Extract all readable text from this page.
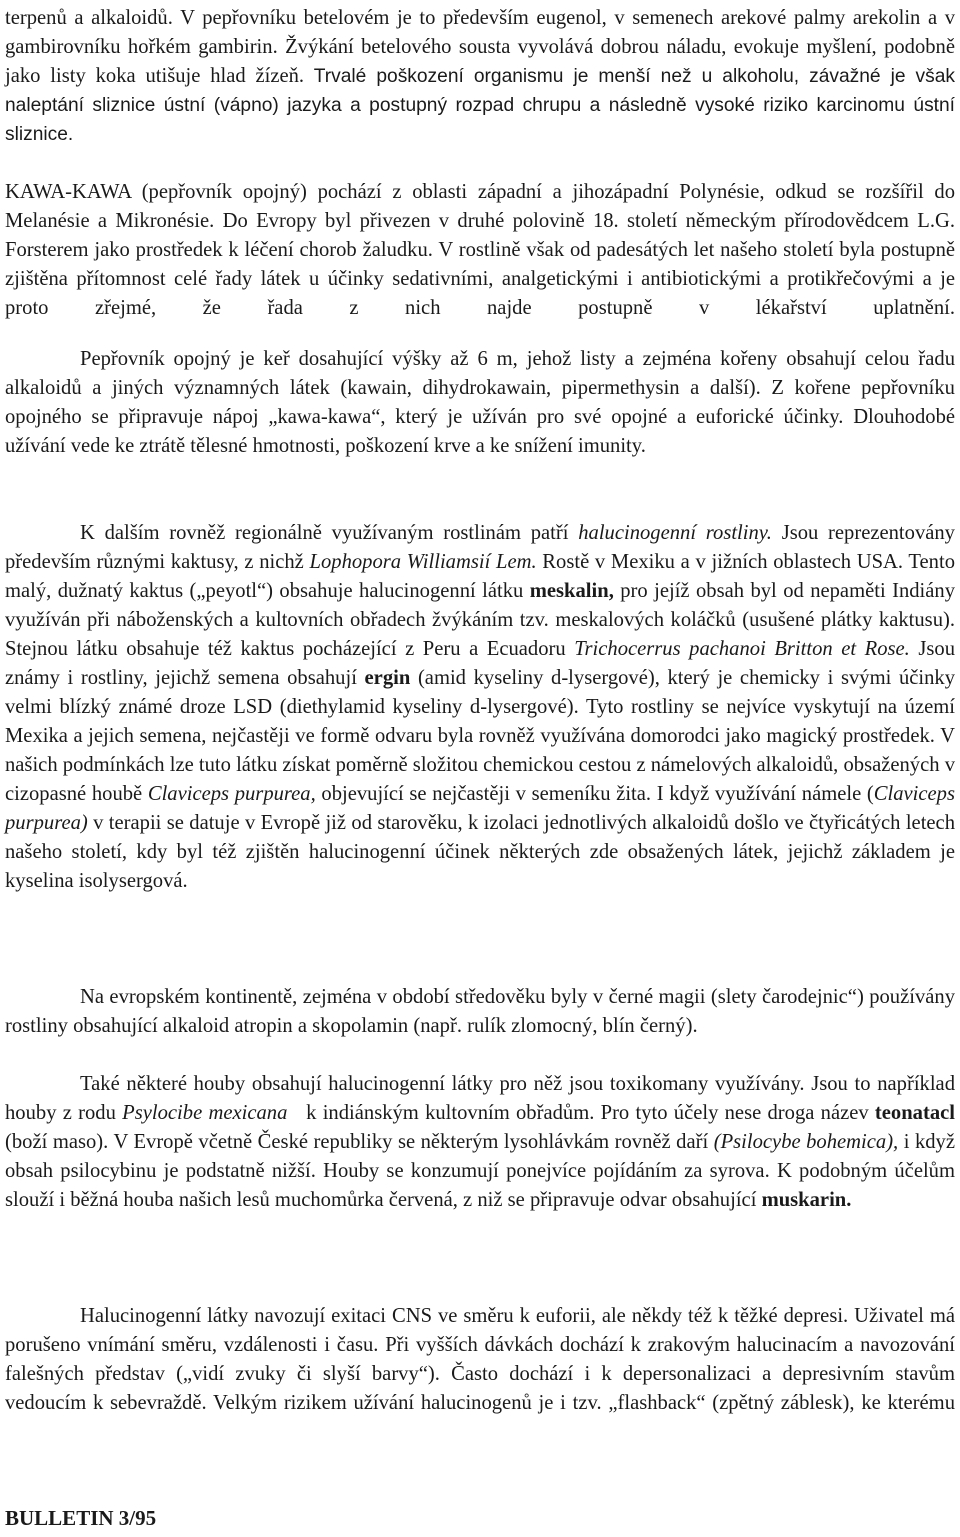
terpenů a alkaloidů. V pepřovníku betelovém je to především eugenol, v semenech arekové palmy arekolin a v gambirovníku hořkém gambirin. Žvýkání betelového sousta vyvolává dobrou náladu, evokuje myšlení, podobně jako listy koka utišuje hlad žízeň. Trvalé poškození organismu je menší než u alkoholu, závažné je však naleptání sliznice ústní (vápno) jazyka a postupný rozpad chrupu a následně vysoké riziko karcinomu ústní sliznice.

KAWA-KAWA (pepřovník opojný) pochází z oblasti západní a jihozápadní Polynésie, odkud se rozšířil do Melanésie a Mikronésie. Do Evropy byl přivezen v druhé polovině 18. století německým přírodovědcem L.G. Forsterem jako prostředek k léčení chorob žaludku. V rostlině však od padesátých let našeho století byla postupně zjištěna přítomnost celé řady látek u účinky sedativními, analgetickými i antibiotickými a protikřečovými a je proto zřejmé, že řada z nich najde postupně v lékařství uplatnění.

Pepřovník opojný je keř dosahující výšky až 6 m, jehož listy a zejména kořeny obsahují celou řadu alkaloidů a jiných významných látek (kawain, dihydrokawain, pipermethysin a další). Z kořene pepřovníku opojného se připravuje nápoj „kawa-kawa“, který je užíván pro své opojné a euforické účinky. Dlouhodobé užívání vede ke ztrátě tělesné hmotnosti, poškození krve a ke snížení imunity.

K dalším rovněž regionálně využívaným rostlinám patří halucinogenní rostliny. Jsou reprezentovány především různými kaktusy, z nichž Lophopora Williamsií Lem. Rostě v Mexiku a v jižních oblastech USA. Tento malý, dužnatý kaktus („peyotl“) obsahuje halucinogenní látku meskalin, pro jejíž obsah byl od nepaměti Indiány využíván při náboženských a kultovních obřadech žvýkáním tzv. meskalových koláčků (usušené plátky kaktusu). Stejnou látku obsahuje též kaktus pocházející z Peru a Ecuadoru Trichocerrus pachanoi Britton et Rose. Jsou známy i rostliny, jejichž semena obsahují ergin (amid kyseliny d-lysergové), který je chemicky i svými účinky velmi blízký známé droze LSD (diethylamid kyseliny d-lysergové). Tyto rostliny se nejvíce vyskytují na území Mexika a jejich semena, nejčastěji ve formě odvaru byla rovněž využívána domorodci jako magický prostředek. V našich podmínkách lze tuto látku získat poměrně složitou chemickou cestou z námelových alkaloidů, obsažených v cizopasné houbě Claviceps purpurea, objevující se nejčastěji v semeníku žita. I když využívání námele (Claviceps purpurea) v terapii se datuje v Evropě již od starověku, k izolaci jednotlivých alkaloidů došlo ve čtyřicátých letech našeho století, kdy byl též zjištěn halucinogenní účinek některých zde obsažených látek, jejichž základem je kyselina isolysergová.

Na evropském kontinentě, zejména v období středověku byly v černé magii (slety čarodejnic“) používány rostliny obsahující alkaloid atropin a skopolamin (např. rulík zlomocný, blín černý).

Také některé houby obsahují halucinogenní látky pro něž jsou toxikomany využívány. Jsou to například houby z rodu Psylocibe mexicana   k indiánským kultovním obřadům. Pro tyto účely nese droga název teonatacl (boží maso). V Evropě včetně České republiky se některým lysohlávkám rovněž daří (Psilocybe bohemica), i když obsah psilocybinu je podstatně nižší. Houby se konzumují ponejvíce pojídáním za syrova. K podobným účelům slouží i běžná houba našich lesů muchomůrka červená, z niž se připravuje odvar obsahující muskarin.

Halucinogenní látky navozují exitaci CNS ve směru k euforii, ale někdy též k těžké depresi. Uživatel má porušeno vnímání směru, vzdálenosti i času. Při vyšších dávkách dochází k zrakovým halucinacím a navozování falešných představ („vidí zvuky či slyší barvy“). Často dochází i k depersonalizaci a depresivním stavům vedoucím k sebevraždě. Velkým rizikem užívání halucinogenů je i tzv. „flashback“ (zpětný záblesk), ke kterému

BULLETIN 3/95
